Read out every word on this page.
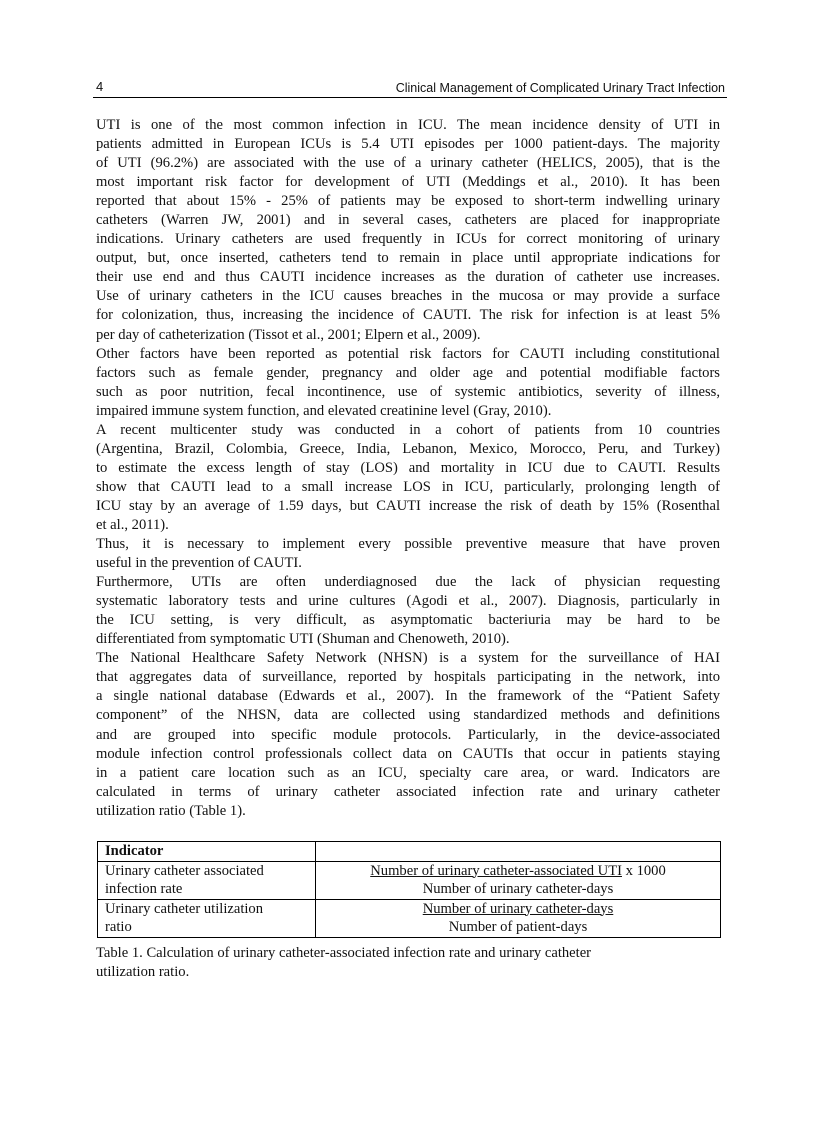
4	Clinical Management of Complicated Urinary Tract Infection
UTI is one of the most common infection in ICU. The mean incidence density of UTI in
patients admitted in European ICUs is 5.4 UTI episodes per 1000 patient-days. The majority
of UTI (96.2%) are associated with the use of a urinary catheter (HELICS, 2005), that is the
most important risk factor for development of UTI (Meddings et al., 2010). It has been
reported that about 15% - 25% of patients may be exposed to short-term indwelling urinary
catheters (Warren JW, 2001) and in several cases, catheters are placed for inappropriate
indications. Urinary catheters are used frequently in ICUs for correct monitoring of urinary
output, but, once inserted, catheters tend to remain in place until appropriate indications for
their use end and thus CAUTI incidence increases as the duration of catheter use increases.
Use of urinary catheters in the ICU causes breaches in the mucosa or may provide a surface
for colonization, thus, increasing the incidence of CAUTI. The risk for infection is at least 5%
per day of catheterization (Tissot et al., 2001; Elpern et al., 2009).
Other factors have been reported as potential risk factors for CAUTI including constitutional
factors such as female gender, pregnancy and older age and potential modifiable factors
such as poor nutrition, fecal incontinence, use of systemic antibiotics, severity of illness,
impaired immune system function, and elevated creatinine level (Gray, 2010).
A recent multicenter study was conducted in a cohort of patients from 10 countries
(Argentina, Brazil, Colombia, Greece, India, Lebanon, Mexico, Morocco, Peru, and Turkey)
to estimate the excess length of stay (LOS) and mortality in ICU due to CAUTI. Results
show that CAUTI lead to a small increase LOS in ICU, particularly, prolonging length of
ICU stay by an average of 1.59 days, but CAUTI increase the risk of death by 15% (Rosenthal
et al., 2011).
Thus, it is necessary to implement every possible preventive measure that have proven
useful in the prevention of CAUTI.
Furthermore, UTIs are often underdiagnosed due the lack of physician requesting
systematic laboratory tests and urine cultures (Agodi et al., 2007). Diagnosis, particularly in
the ICU setting, is very difficult, as asymptomatic bacteriuria may be hard to be
differentiated from symptomatic UTI (Shuman and Chenoweth, 2010).
The National Healthcare Safety Network (NHSN) is a system for the surveillance of HAI
that aggregates data of surveillance, reported by hospitals participating in the network, into
a single national database (Edwards et al., 2007). In the framework of the “Patient Safety
component” of the NHSN, data are collected using standardized methods and definitions
and are grouped into specific module protocols. Particularly, in the device-associated
module infection control professionals collect data on CAUTIs that occur in patients staying
in a patient care location such as an ICU, specialty care area, or ward. Indicators are
calculated in terms of urinary catheter associated infection rate and urinary catheter
utilization ratio (Table 1).
Indicator	
Urinary catheter associated
infection rate	Number of urinary catheter-associated UTI x 1000
Number of urinary catheter-days
Urinary catheter utilization
ratio	Number of urinary catheter-days
Number of patient-days
Table 1. Calculation of urinary catheter-associated infection rate and urinary catheter
utilization ratio.
